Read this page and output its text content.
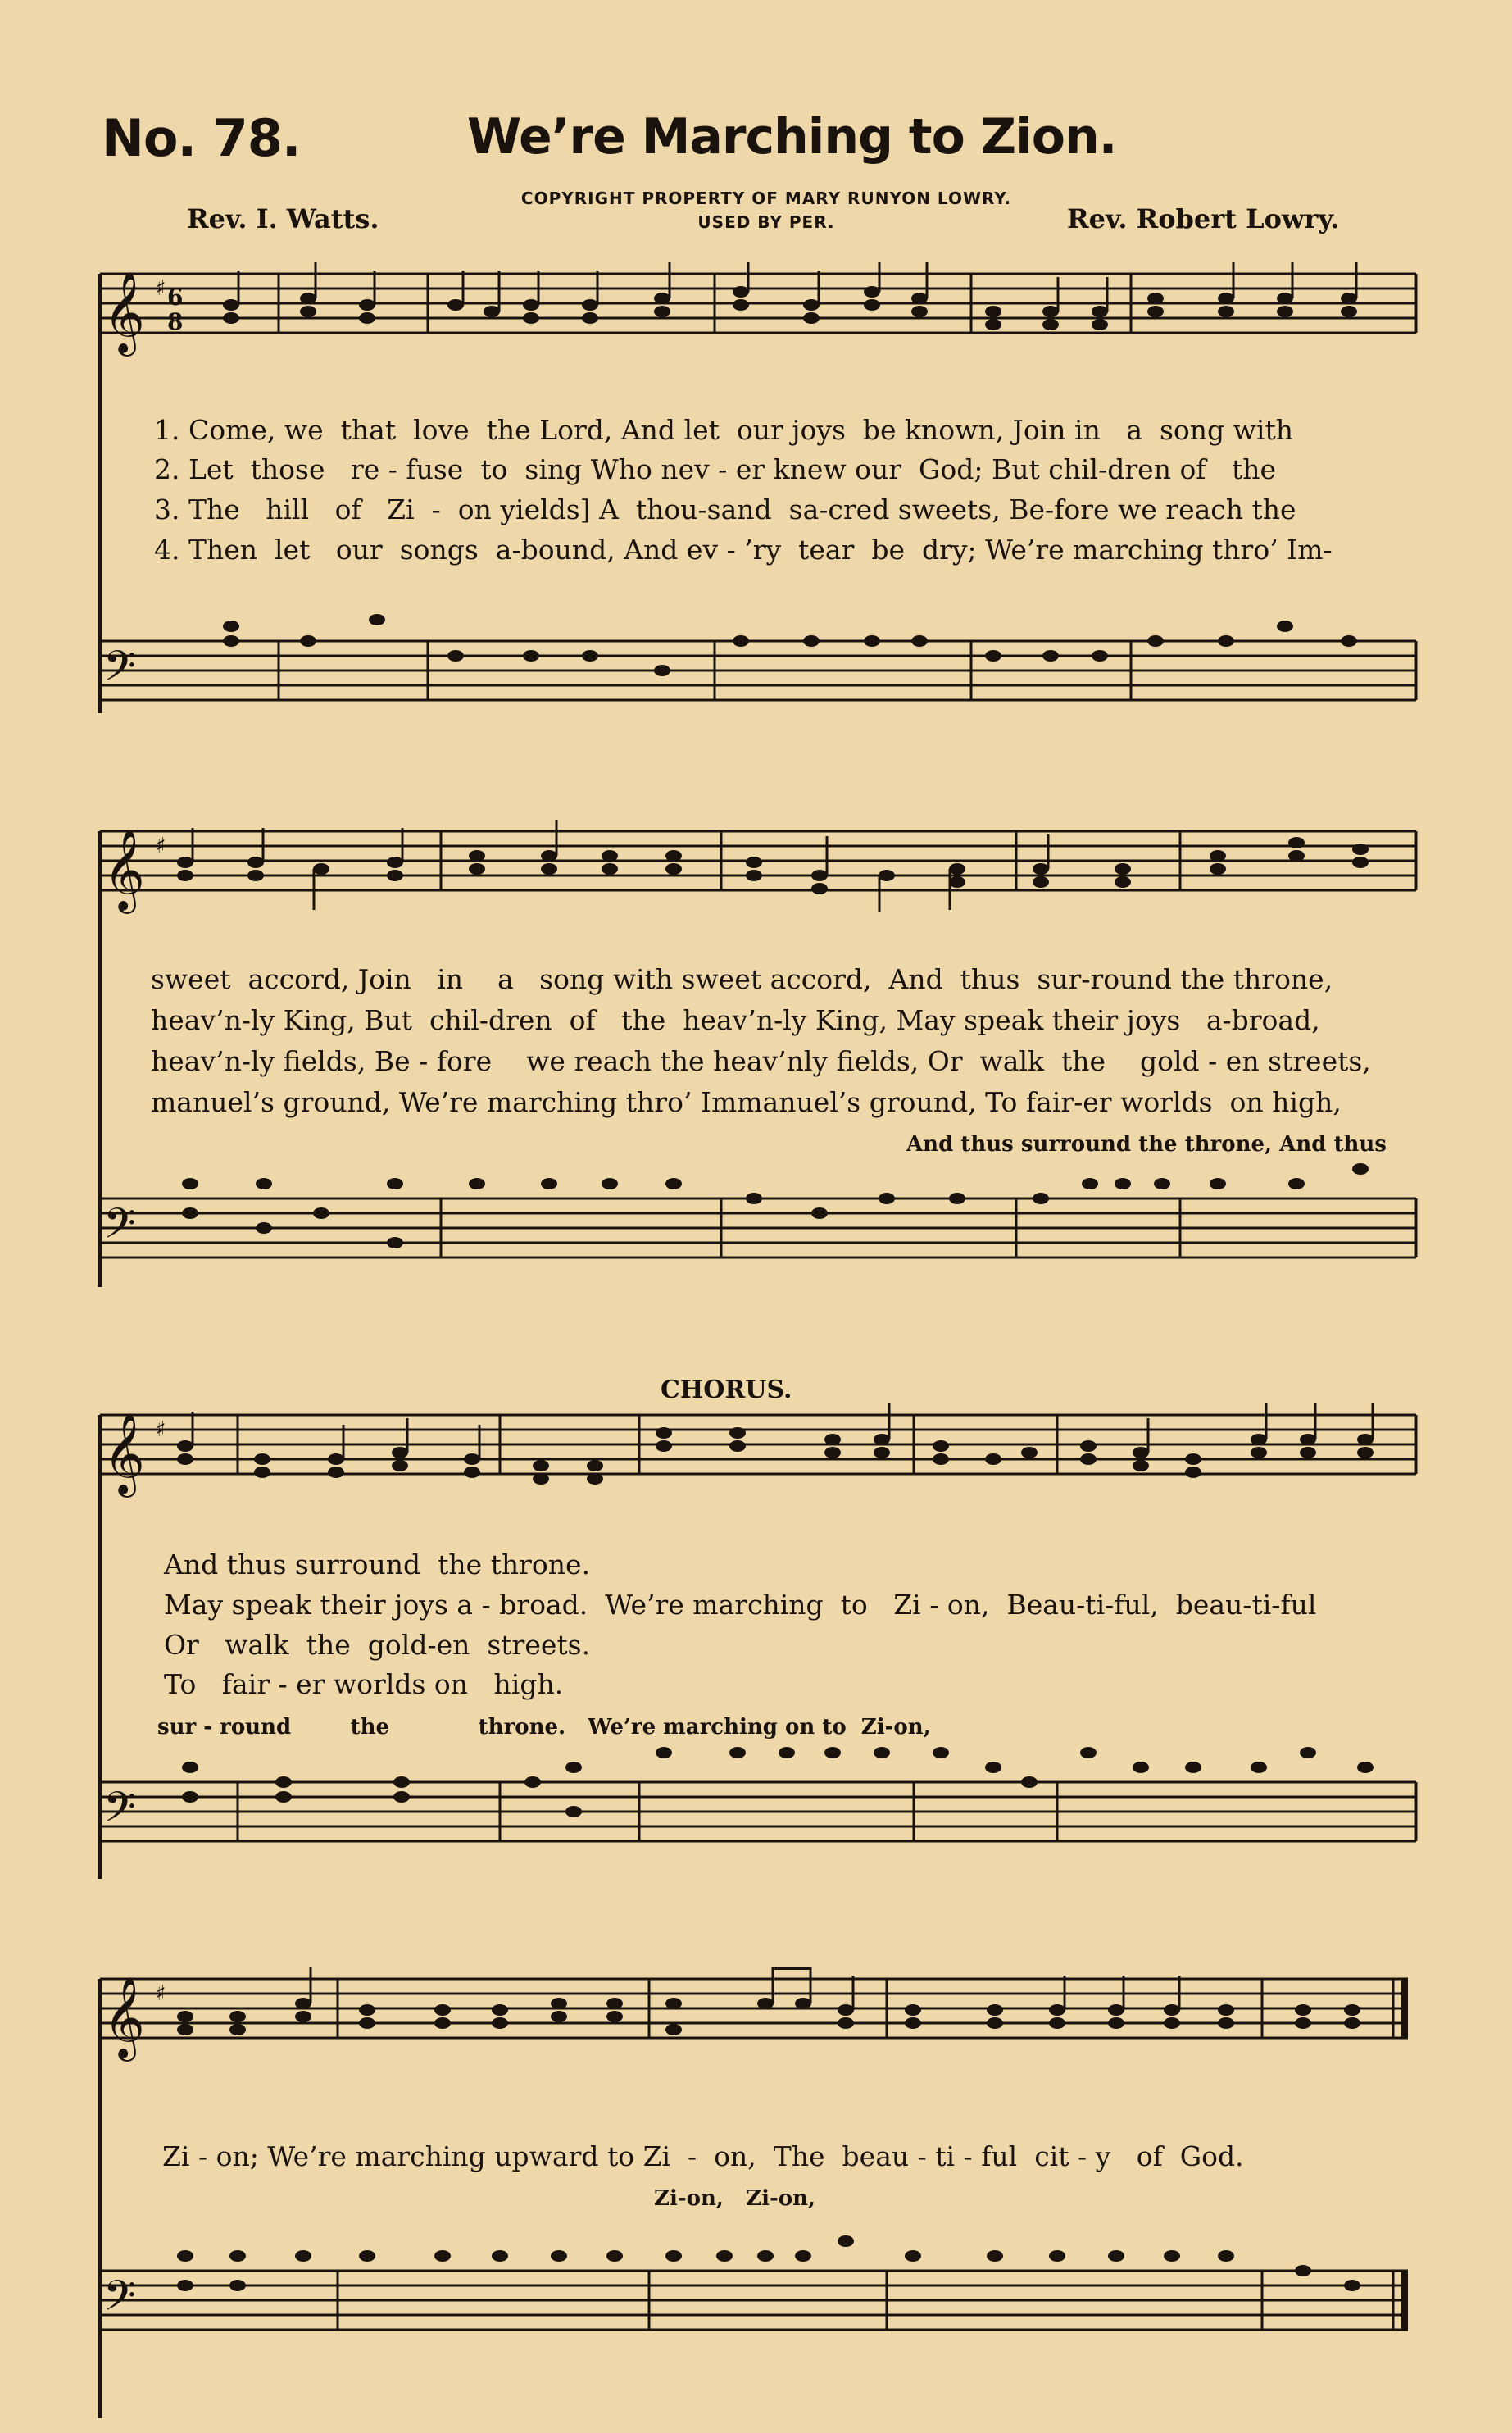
No. 78.	We’re Marching to Zion.
Rev. I. Watts.
COPYRIGHT PROPERTY OF MARY RUNYON LOWRY.
USED BY PER.	Rev. Robert Lowry.
𝄞 ♯ 6
8
1. Come, we  that  love  the Lord, And let  our joys  be known, Join in   a  song with
2. Let  those   re - fuse  to  sing Who nev - er knew our  God; But chil-dren of   the
3. The   hill   of   Zi  -  on yields] A  thou-sand  sa-cred sweets, Be-fore we reach the
4. Then  let   our  songs  a-bound, And ev - ’ry  tear  be  dry; We’re marching thro’ Im-
𝄢
𝄞 ♯
sweet  accord, Join   in    a   song with sweet accord,  And  thus  sur-round the throne,
heav’n-ly King, But  chil-dren  of   the  heav’n-ly King, May speak their joys   a-broad,
heav’n-ly fields, Be - fore    we reach the heav’nly fields, Or  walk  the    gold - en streets,
manuel’s ground, We’re marching thro’ Immanuel’s ground, To fair-er worlds  on high,
And thus surround the throne, And thus
𝄢
CHORUS.
𝄞 ♯
And thus surround  the throne.
May speak their joys a - broad.  We’re marching  to   Zi - on,  Beau-ti-ful,  beau-ti-ful
Or   walk  the  gold-en  streets.
To   fair - er worlds on   high.
sur - round        the            throne.   We’re marching on to  Zi-on,
𝄢
𝄞 ♯
Zi - on; We’re marching upward to Zi  -  on,  The  beau - ti - ful  cit - y   of  God.
Zi-on,   Zi-on,
𝄢
